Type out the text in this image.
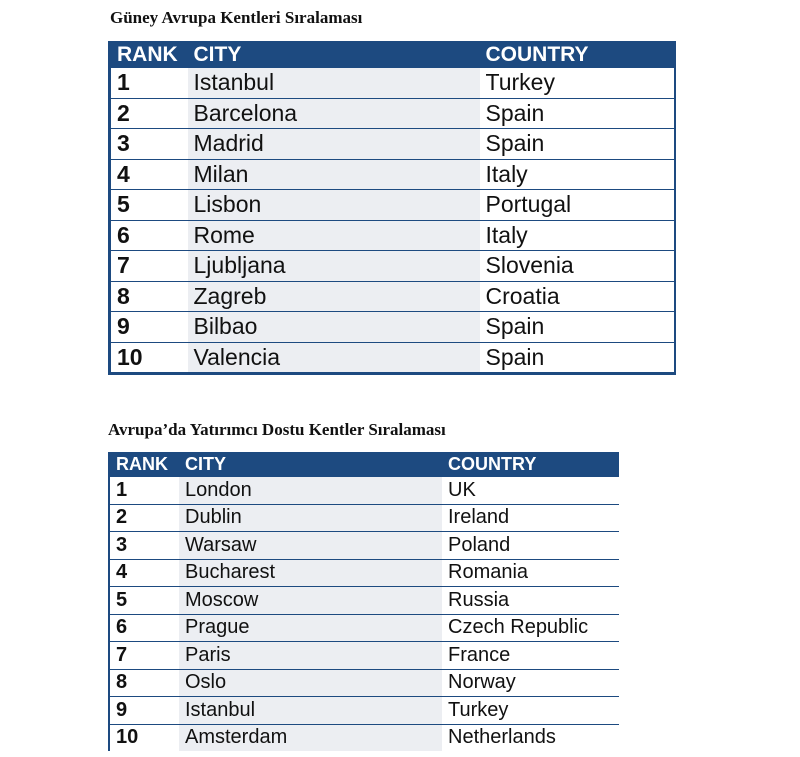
Güney Avrupa Kentleri Sıralaması
RANK	CITY	COUNTRY
1	Istanbul	Turkey
2	Barcelona	Spain
3	Madrid	Spain
4	Milan	Italy
5	Lisbon	Portugal
6	Rome	Italy
7	Ljubljana	Slovenia
8	Zagreb	Croatia
9	Bilbao	Spain
10	Valencia	Spain
Avrupa’da Yatırımcı Dostu Kentler Sıralaması
RANK	CITY	COUNTRY
1	London	UK
2	Dublin	Ireland
3	Warsaw	Poland
4	Bucharest	Romania
5	Moscow	Russia
6	Prague	Czech Republic
7	Paris	France
8	Oslo	Norway
9	Istanbul	Turkey
10	Amsterdam	Netherlands
